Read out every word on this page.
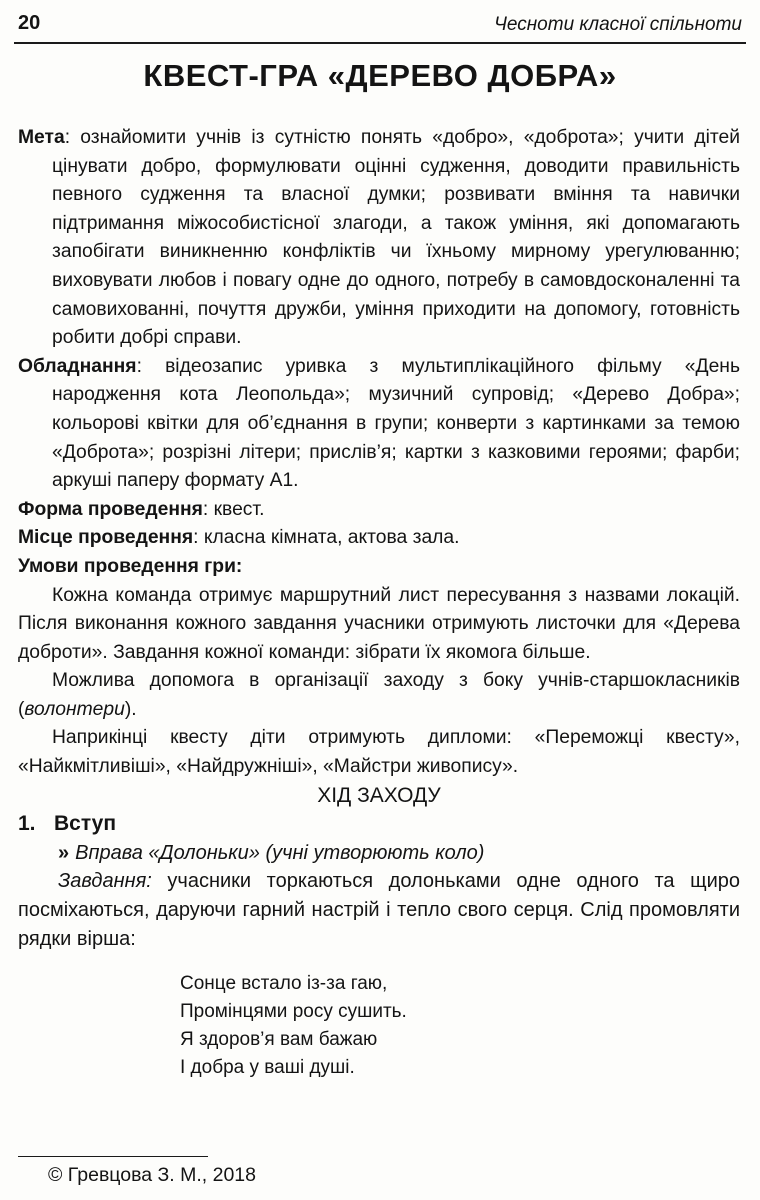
20	Чесноти класної спільноти
КВЕСТ-ГРА «ДЕРЕВО ДОБРА»

Мета: ознайомити учнів із сутністю понять «добро», «доброта»; учити дітей цінувати добро, формулювати оцінні судження, доводити правильність певного судження та власної думки; розвивати вміння та навички підтримання міжособистісної злагоди, а також уміння, які допомагають запобігати виникненню конфліктів чи їхньому мирному урегулюванню; виховувати любов і повагу одне до одного, потребу в самовдосконаленні та самовихованні, почуття дружби, уміння приходити на допомогу, готовність робити добрі справи.

Обладнання: відеозапис уривка з мультиплікаційного фільму «День народження кота Леопольда»; музичний супровід; «Дерево Добра»; кольорові квітки для об’єднання в групи; конверти з картинками за темою «Доброта»; розрізні літери; прислів’я; картки з казковими героями; фарби; аркуші паперу формату А1.

Форма проведення: квест.

Місце проведення: класна кімната, актова зала.

Умови проведення гри:

Кожна команда отримує маршрутний лист пересування з назвами локацій. Після виконання кожного завдання учасники отримують листочки для «Дерева доброти». Завдання кожної команди: зібрати їх якомога більше.

Можлива допомога в організації заходу з боку учнів-старшокласників (волонтери).

Наприкінці квесту діти отримують дипломи: «Переможці квесту», «Найкмітливіші», «Найдружніші», «Майстри живопису».

ХІД ЗАХОДУ

1. Вступ

» Вправа «Долоньки» (учні утворюють коло)

Завдання: учасники торкаються долоньками одне одного та щиро посміхаються, даруючи гарний настрій і тепло свого серця. Слід промовляти рядки вірша:

Сонце встало із-за гаю,
Промінцями росу сушить.
Я здоров’я вам бажаю
І добра у ваші душі.
© Гревцова З. М., 2018
